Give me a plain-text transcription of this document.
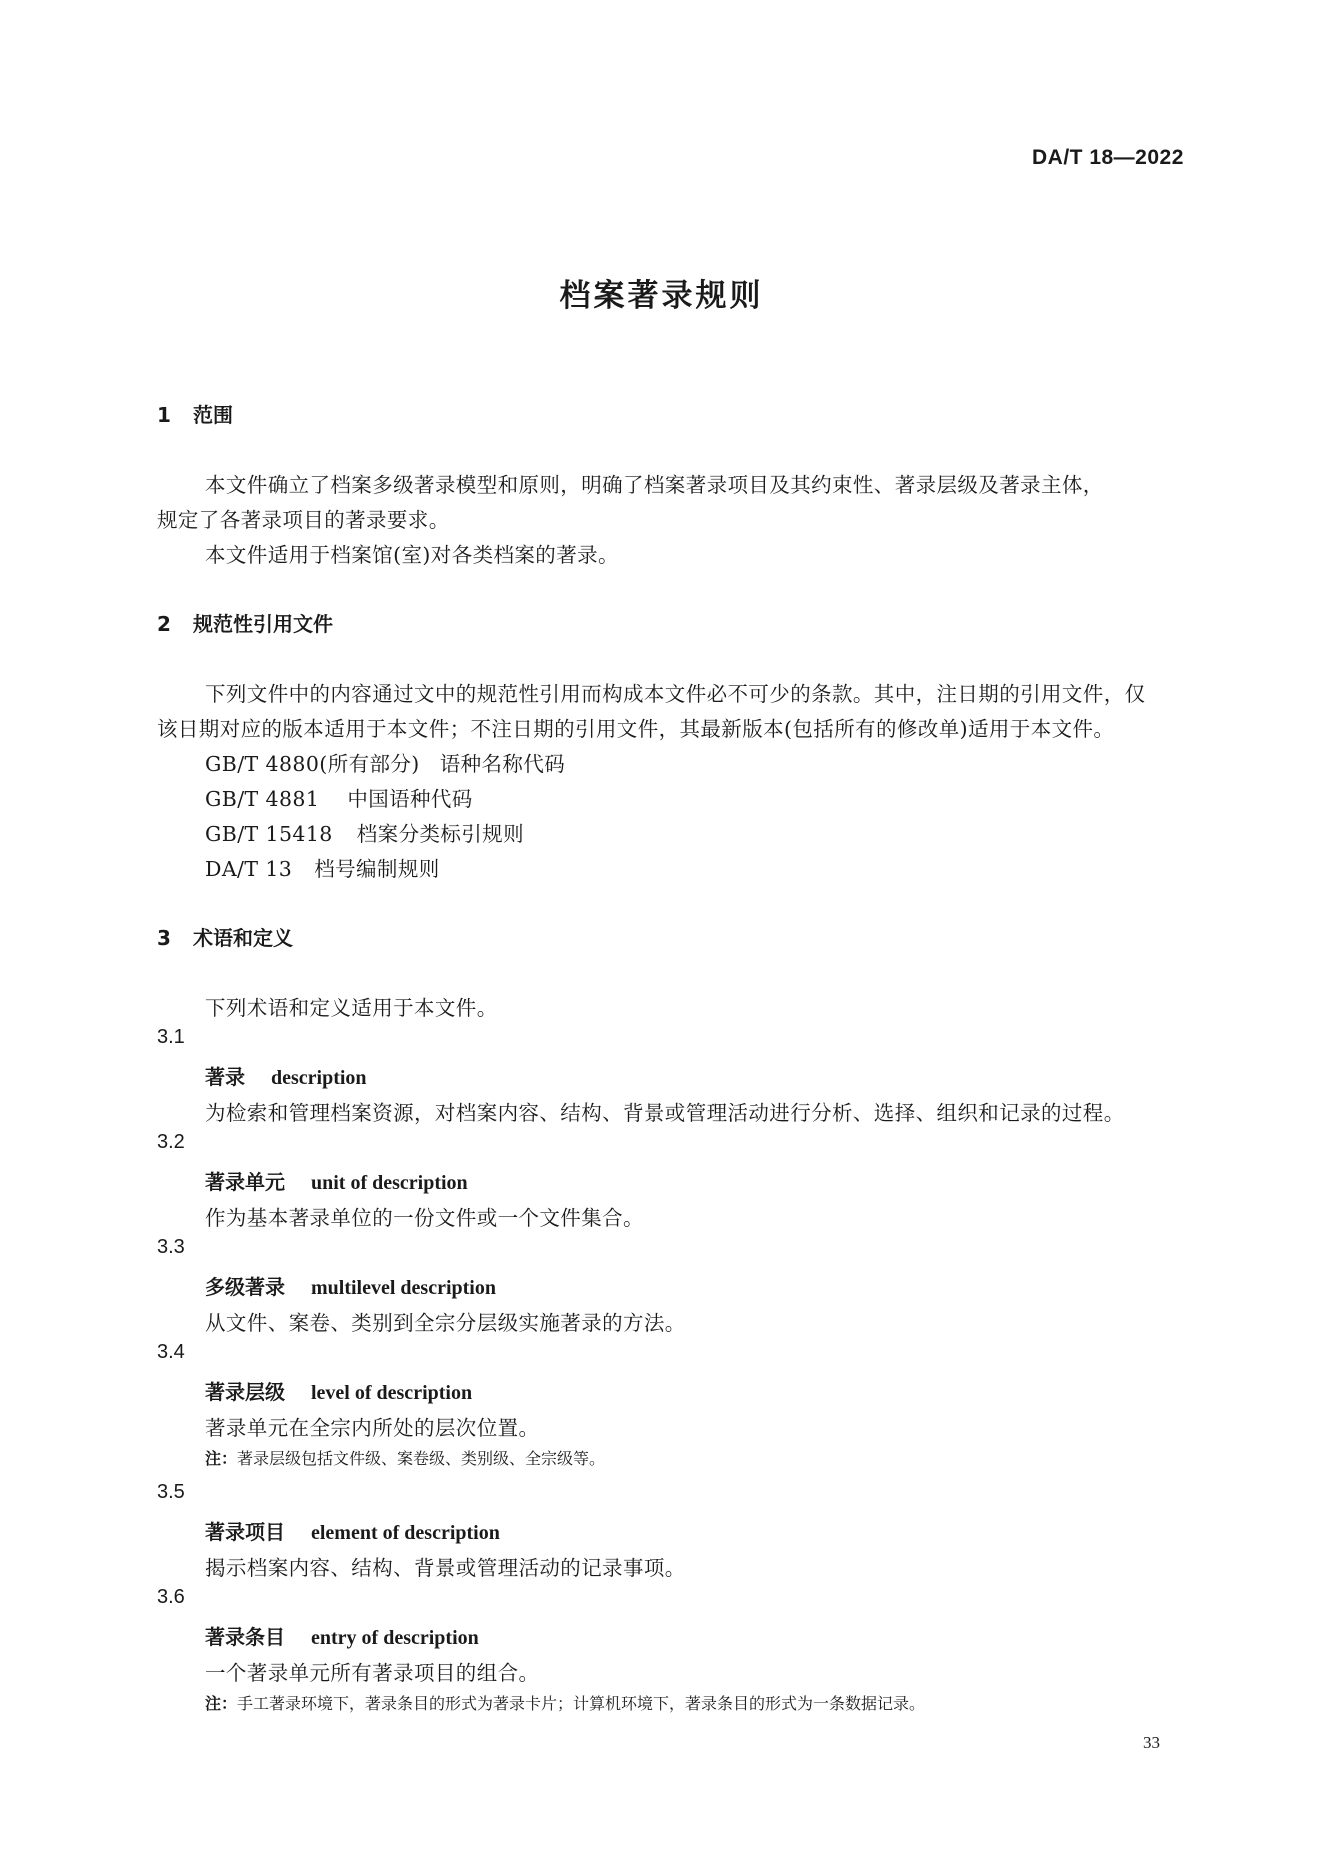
DA/T 18—2022
档案著录规则
1 范围
本文件确立了档案多级著录模型和原则，明确了档案著录项目及其约束性、著录层级及著录主体，
规定了各著录项目的著录要求。
本文件适用于档案馆(室)对各类档案的著录。
2 规范性引用文件
下列文件中的内容通过文中的规范性引用而构成本文件必不可少的条款。其中，注日期的引用文件，仅
该日期对应的版本适用于本文件；不注日期的引用文件，其最新版本(包括所有的修改单)适用于本文件。
GB/T 4880(所有部分) 语种名称代码
GB/T 4881 中国语种代码
GB/T 15418 档案分类标引规则
DA/T 13 档号编制规则
3 术语和定义
下列术语和定义适用于本文件。
3.1
著录 description
为检索和管理档案资源，对档案内容、结构、背景或管理活动进行分析、选择、组织和记录的过程。
3.2
著录单元 unit of description
作为基本著录单位的一份文件或一个文件集合。
3.3
多级著录 multilevel description
从文件、案卷、类别到全宗分层级实施著录的方法。
3.4
著录层级 level of description
著录单元在全宗内所处的层次位置。
注：著录层级包括文件级、案卷级、类别级、全宗级等。
3.5
著录项目 element of description
揭示档案内容、结构、背景或管理活动的记录事项。
3.6
著录条目 entry of description
一个著录单元所有著录项目的组合。
注：手工著录环境下，著录条目的形式为著录卡片；计算机环境下，著录条目的形式为一条数据记录。
33
